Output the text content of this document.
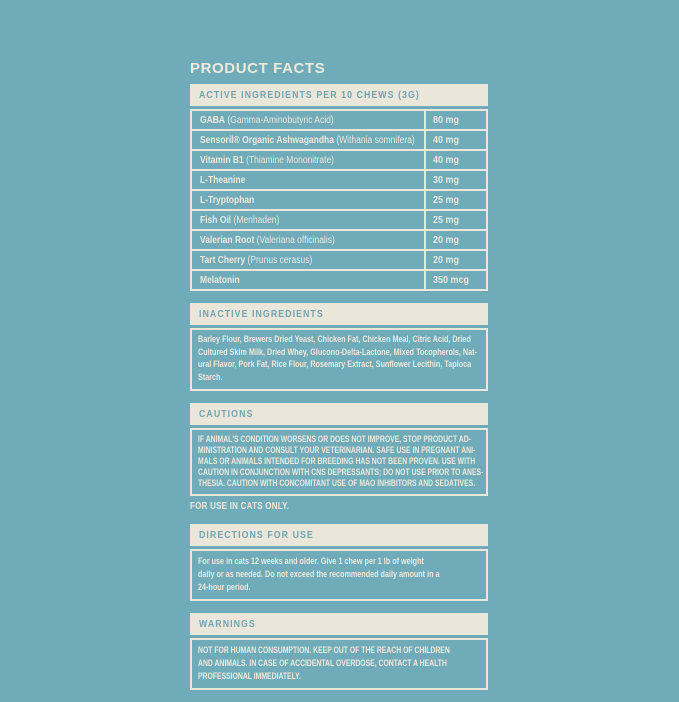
PRODUCT FACTS
ACTIVE INGREDIENTS PER 10 CHEWS (3G)
GABA (Gamma-Aminobutyric Acid)	80 mg
Sensoril® Organic Ashwagandha (Withania somnifera) 40 mg
Vitamin B1 (Thiamine Mononitrate)	40 mg
L-Theanine	30 mg
L-Tryptophan	25 mg
Fish Oil (Menhaden)	25 mg
Valerian Root (Valeriana officinalis)	20 mg
Tart Cherry (Prunus cerasus)	20 mg
Melatonin	350 mcg
INACTIVE INGREDIENTS
Barley Flour, Brewers Dried Yeast, Chicken Fat, Chicken Meal, Citric Acid, Dried
Cultured Skim Milk, Dried Whey, Glucono-Delta-Lactone, Mixed Tocopherols, Nat-
ural Flavor, Pork Fat, Rice Flour, Rosemary Extract, Sunflower Lecithin, Tapioca
Starch.
CAUTIONS
IF ANIMAL'S CONDITION WORSENS OR DOES NOT IMPROVE, STOP PRODUCT AD-
MINISTRATION AND CONSULT YOUR VETERINARIAN. SAFE USE IN PREGNANT ANI-
MALS OR ANIMALS INTENDED FOR BREEDING HAS NOT BEEN PROVEN. USE WITH
CAUTION IN CONJUNCTION WITH CNS DEPRESSANTS; DO NOT USE PRIOR TO ANES-
THESIA. CAUTION WITH CONCOMITANT USE OF MAO INHIBITORS AND SEDATIVES.
FOR USE IN CATS ONLY.
DIRECTIONS FOR USE
For use in cats 12 weeks and older. Give 1 chew per 1 lb of weight
daily or as needed. Do not exceed the recommended daily amount in a
24-hour period.
WARNINGS
NOT FOR HUMAN CONSUMPTION. KEEP OUT OF THE REACH OF CHILDREN
AND ANIMALS. IN CASE OF ACCIDENTAL OVERDOSE, CONTACT A HEALTH
PROFESSIONAL IMMEDIATELY.
